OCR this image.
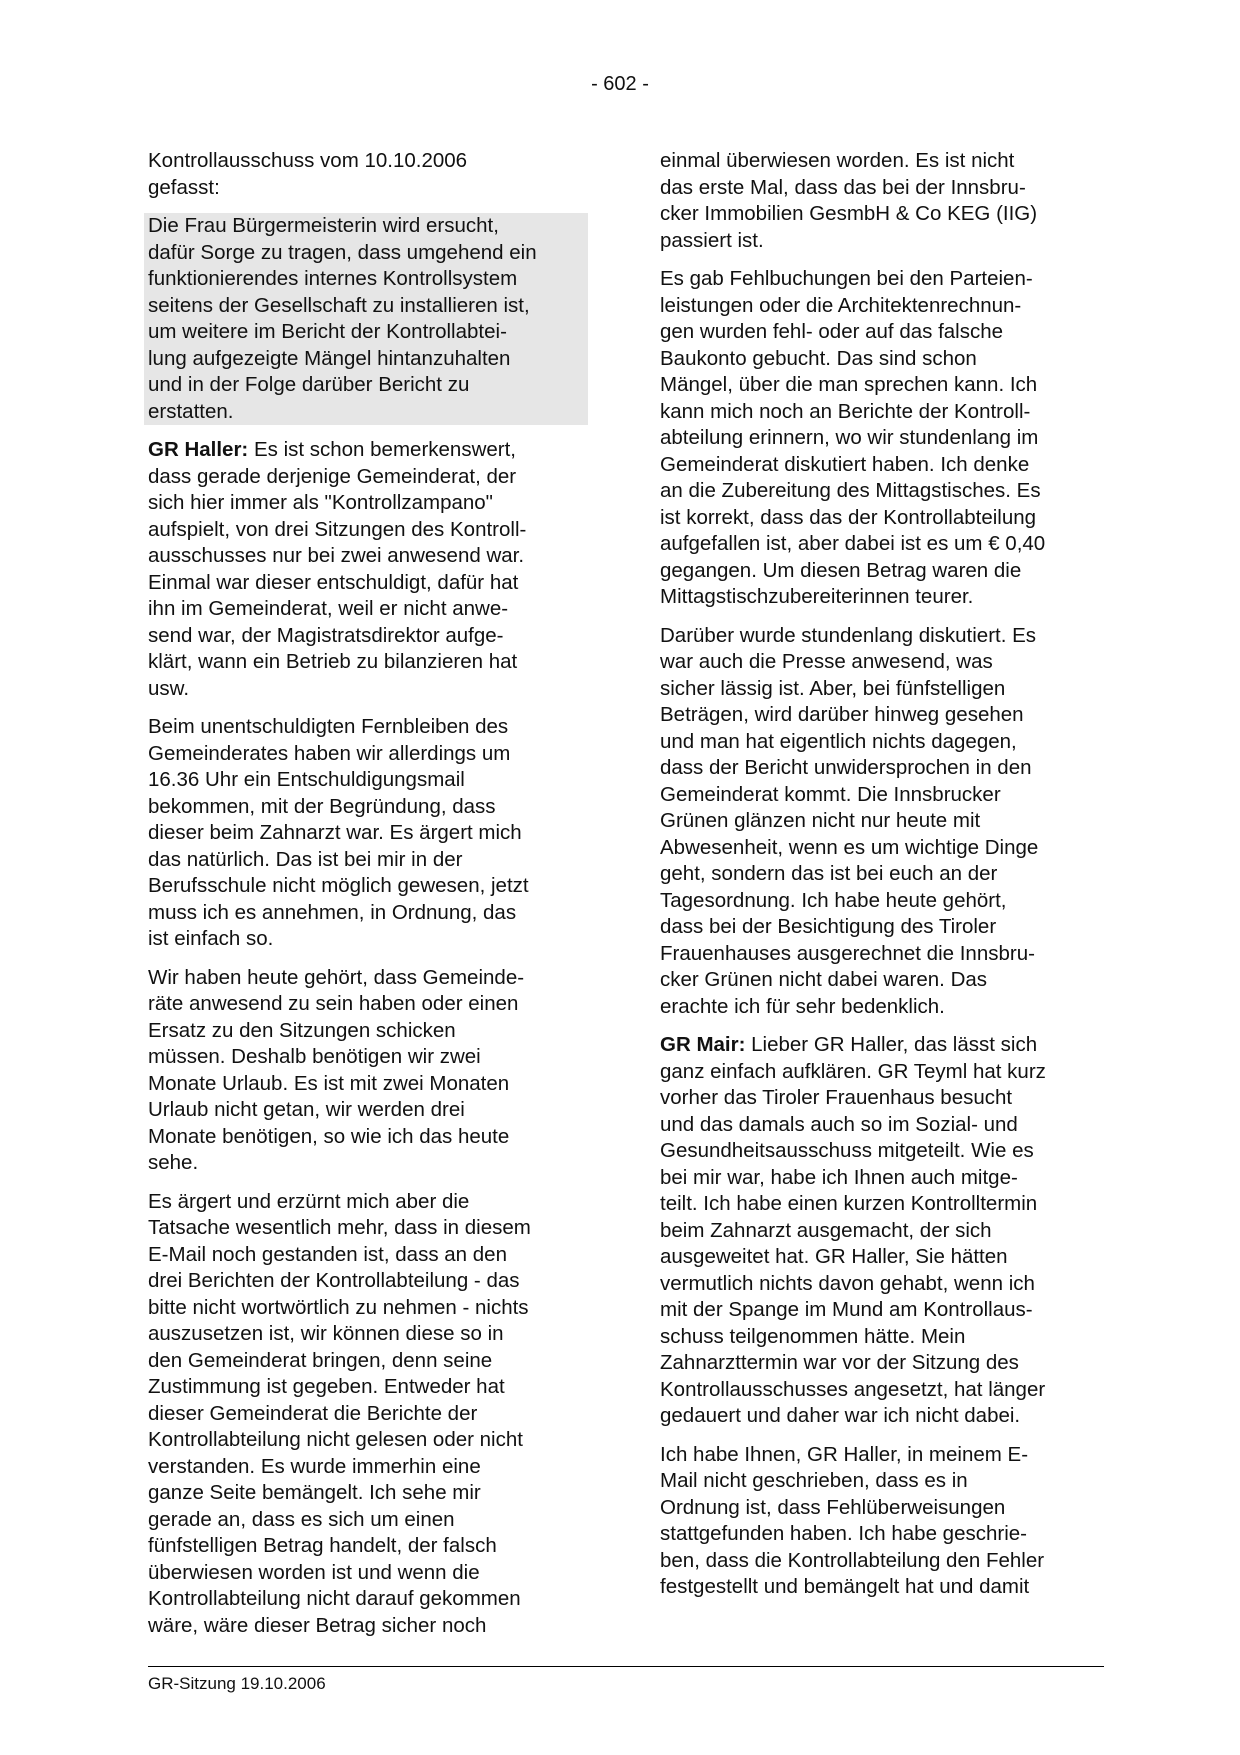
- 602 -

Kontrollausschuss vom 10.10.2006
gefasst:

Die Frau Bürgermeisterin wird ersucht,
dafür Sorge zu tragen, dass umgehend ein
funktionierendes internes Kontrollsystem
seitens der Gesellschaft zu installieren ist,
um weitere im Bericht der Kontrollabtei-
lung aufgezeigte Mängel hintanzuhalten
und in der Folge darüber Bericht zu
erstatten.

GR Haller: Es ist schon bemerkenswert,
dass gerade derjenige Gemeinderat, der
sich hier immer als "Kontrollzampano"
aufspielt, von drei Sitzungen des Kontroll-
ausschusses nur bei zwei anwesend war.
Einmal war dieser entschuldigt, dafür hat
ihn im Gemeinderat, weil er nicht anwe-
send war, der Magistratsdirektor aufge-
klärt, wann ein Betrieb zu bilanzieren hat
usw.

Beim unentschuldigten Fernbleiben des
Gemeinderates haben wir allerdings um
16.36 Uhr ein Entschuldigungsmail
bekommen, mit der Begründung, dass
dieser beim Zahnarzt war. Es ärgert mich
das natürlich. Das ist bei mir in der
Berufsschule nicht möglich gewesen, jetzt
muss ich es annehmen, in Ordnung, das
ist einfach so.

Wir haben heute gehört, dass Gemeinde-
räte anwesend zu sein haben oder einen
Ersatz zu den Sitzungen schicken
müssen. Deshalb benötigen wir zwei
Monate Urlaub. Es ist mit zwei Monaten
Urlaub nicht getan, wir werden drei
Monate benötigen, so wie ich das heute
sehe.

Es ärgert und erzürnt mich aber die
Tatsache wesentlich mehr, dass in diesem
E-Mail noch gestanden ist, dass an den
drei Berichten der Kontrollabteilung - das
bitte nicht wortwörtlich zu nehmen - nichts
auszusetzen ist, wir können diese so in
den Gemeinderat bringen, denn seine
Zustimmung ist gegeben. Entweder hat
dieser Gemeinderat die Berichte der
Kontrollabteilung nicht gelesen oder nicht
verstanden. Es wurde immerhin eine
ganze Seite bemängelt. Ich sehe mir
gerade an, dass es sich um einen
fünfstelligen Betrag handelt, der falsch
überwiesen worden ist und wenn die
Kontrollabteilung nicht darauf gekommen
wäre, wäre dieser Betrag sicher noch

einmal überwiesen worden. Es ist nicht
das erste Mal, dass das bei der Innsbru-
cker Immobilien GesmbH & Co KEG (IIG)
passiert ist.

Es gab Fehlbuchungen bei den Parteien-
leistungen oder die Architektenrechnun-
gen wurden fehl- oder auf das falsche
Baukonto gebucht. Das sind schon
Mängel, über die man sprechen kann. Ich
kann mich noch an Berichte der Kontroll-
abteilung erinnern, wo wir stundenlang im
Gemeinderat diskutiert haben. Ich denke
an die Zubereitung des Mittagstisches. Es
ist korrekt, dass das der Kontrollabteilung
aufgefallen ist, aber dabei ist es um € 0,40
gegangen. Um diesen Betrag waren die
Mittagstischzubereiterinnen teurer.

Darüber wurde stundenlang diskutiert. Es
war auch die Presse anwesend, was
sicher lässig ist. Aber, bei fünfstelligen
Beträgen, wird darüber hinweg gesehen
und man hat eigentlich nichts dagegen,
dass der Bericht unwidersprochen in den
Gemeinderat kommt. Die Innsbrucker
Grünen glänzen nicht nur heute mit
Abwesenheit, wenn es um wichtige Dinge
geht, sondern das ist bei euch an der
Tagesordnung. Ich habe heute gehört,
dass bei der Besichtigung des Tiroler
Frauenhauses ausgerechnet die Innsbru-
cker Grünen nicht dabei waren. Das
erachte ich für sehr bedenklich.

GR Mair: Lieber GR Haller, das lässt sich
ganz einfach aufklären. GR Teyml hat kurz
vorher das Tiroler Frauenhaus besucht
und das damals auch so im Sozial- und
Gesundheitsausschuss mitgeteilt. Wie es
bei mir war, habe ich Ihnen auch mitge-
teilt. Ich habe einen kurzen Kontrolltermin
beim Zahnarzt ausgemacht, der sich
ausgeweitet hat. GR Haller, Sie hätten
vermutlich nichts davon gehabt, wenn ich
mit der Spange im Mund am Kontrollaus-
schuss teilgenommen hätte. Mein
Zahnarzttermin war vor der Sitzung des
Kontrollausschusses angesetzt, hat länger
gedauert und daher war ich nicht dabei.

Ich habe Ihnen, GR Haller, in meinem E-
Mail nicht geschrieben, dass es in
Ordnung ist, dass Fehlüberweisungen
stattgefunden haben. Ich habe geschrie-
ben, dass die Kontrollabteilung den Fehler
festgestellt und bemängelt hat und damit

GR-Sitzung 19.10.2006
